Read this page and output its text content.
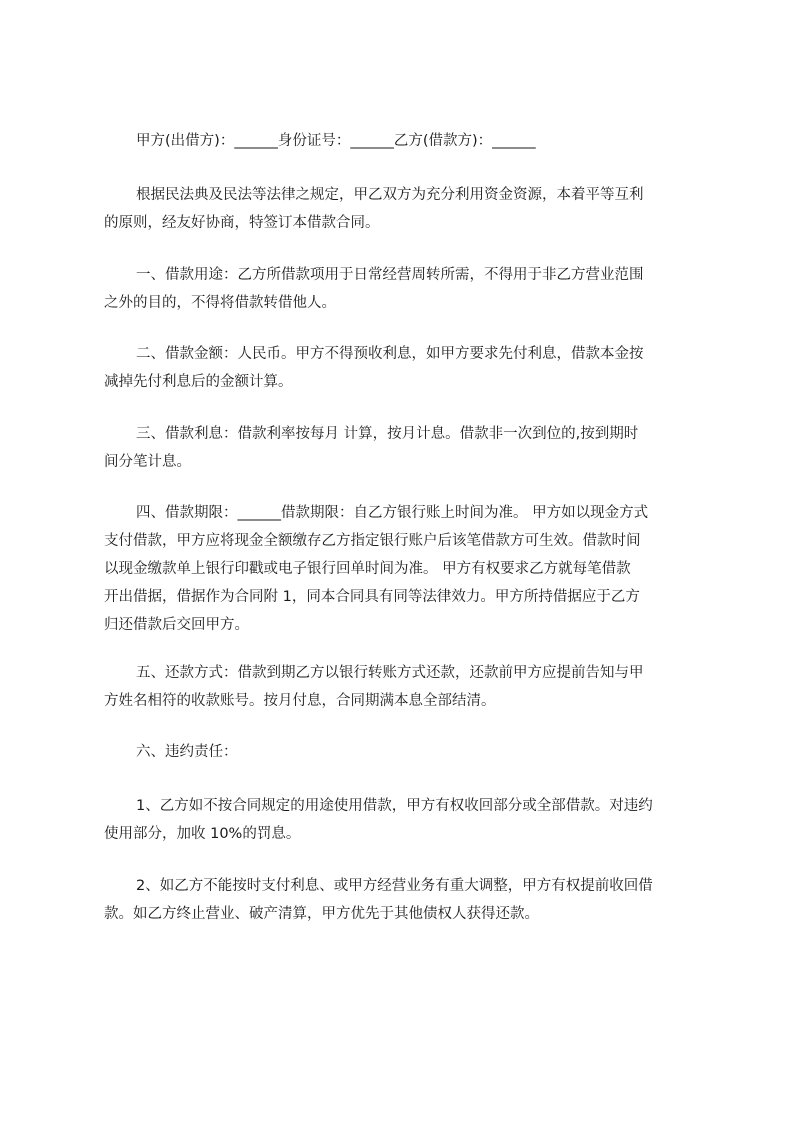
甲方(出借方)：______身份证号：______乙方(借款方)：______

根据民法典及民法等法律之规定，甲乙双方为充分利用资金资源，本着平等互利
的原则，经友好协商，特签订本借款合同。

一、借款用途：乙方所借款项用于日常经营周转所需，不得用于非乙方营业范围
之外的目的，不得将借款转借他人。

二、借款金额：人民币。甲方不得预收利息，如甲方要求先付利息，借款本金按
减掉先付利息后的金额计算。

三、借款利息：借款利率按每月 计算，按月计息。借款非一次到位的,按到期时
间分笔计息。

四、借款期限：______借款期限：自乙方银行账上时间为准。 甲方如以现金方式
支付借款，甲方应将现金全额缴存乙方指定银行账户后该笔借款方可生效。借款时间
以现金缴款单上银行印戳或电子银行回单时间为准。 甲方有权要求乙方就每笔借款
开出借据，借据作为合同附 1，同本合同具有同等法律效力。甲方所持借据应于乙方
归还借款后交回甲方。

五、还款方式：借款到期乙方以银行转账方式还款，还款前甲方应提前告知与甲
方姓名相符的收款账号。按月付息，合同期满本息全部结清。

六、违约责任：

1、乙方如不按合同规定的用途使用借款，甲方有权收回部分或全部借款。对违约
使用部分，加收 10%的罚息。

2、如乙方不能按时支付利息、或甲方经营业务有重大调整，甲方有权提前收回借
款。如乙方终止营业、破产清算，甲方优先于其他债权人获得还款。
